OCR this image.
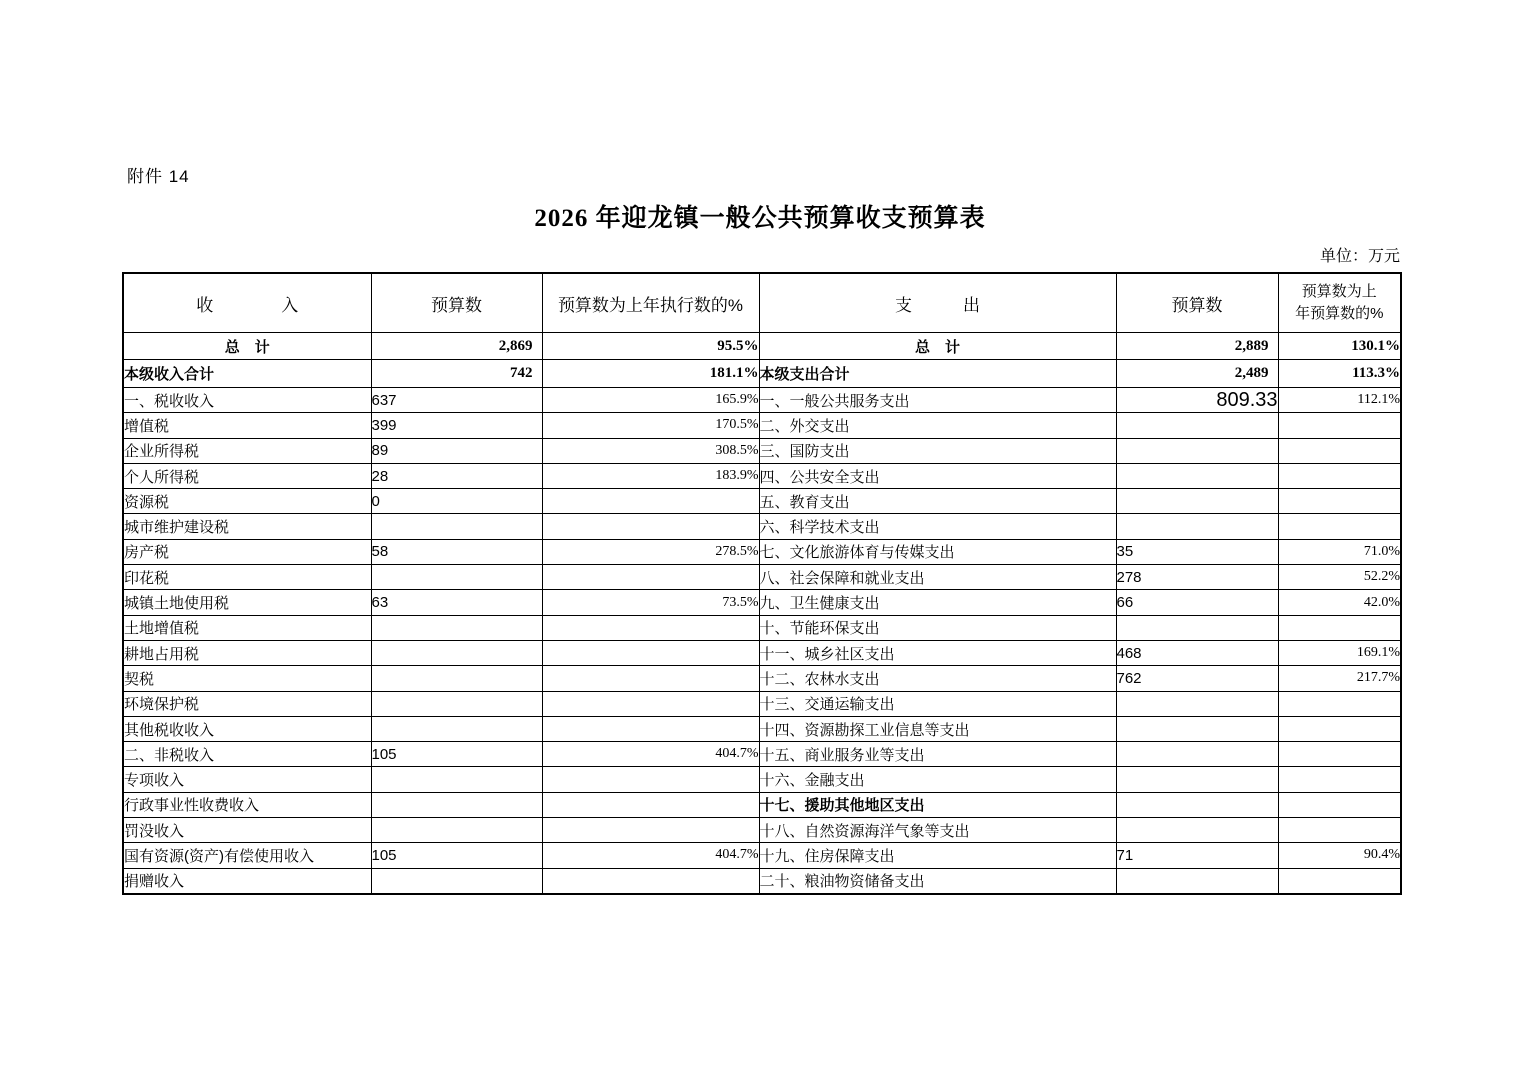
附件 14
2026 年迎龙镇一般公共预算收支预算表
单位：万元
收　　　　入	预算数	预算数为上年执行数的%	支　　　出	预算数	预算数为上
年预算数的%

总　计	2,869	95.5%	总　计	2,889	130.1%
本级收入合计	742	181.1%	本级支出合计	2,489	113.3%
一、税收收入	637	165.9%	一、一般公共服务支出	809.33	112.1%
增值税	399	170.5%	二、外交支出		
企业所得税	89	308.5%	三、国防支出		
个人所得税	28	183.9%	四、公共安全支出		
资源税	0		五、教育支出		
城市维护建设税			六、科学技术支出		
房产税	58	278.5%	七、文化旅游体育与传媒支出	35	71.0%
印花税			八、社会保障和就业支出	278	52.2%
城镇土地使用税	63	73.5%	九、卫生健康支出	66	42.0%
土地增值税			十、节能环保支出		
耕地占用税			十一、城乡社区支出	468	169.1%
契税			十二、农林水支出	762	217.7%
环境保护税			十三、交通运输支出		
其他税收收入			十四、资源勘探工业信息等支出		
二、非税收入	105	404.7%	十五、商业服务业等支出		
专项收入			十六、金融支出		
行政事业性收费收入			十七、援助其他地区支出		
罚没收入			十八、自然资源海洋气象等支出		
国有资源(资产)有偿使用收入	105	404.7%	十九、住房保障支出	71	90.4%
捐赠收入			二十、粮油物资储备支出		
